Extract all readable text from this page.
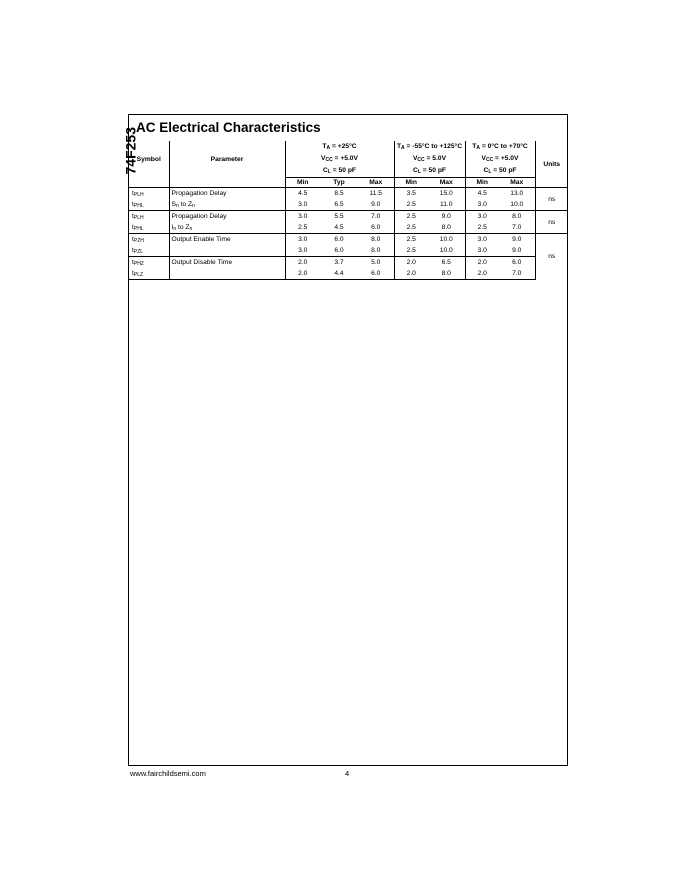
74F253
AC Electrical Characteristics
Symbol	Parameter	$T_A = +25^\circ C$			$T_A = -55^\circ C$ to +125°C		$T_A = 0^\circ C$ to +70°C		Units
		$V_{CC} = +5.0V$			$V_{CC} = 5.0V$		$V_{CC} = +5.0V$		
		$C_L = 50$ pF			$C_L = 50$ pF		$C_L = 50$ pF		
		Min	Typ	Max	Min	Max	Min	Max	
$t_{PLH}$	Propagation Delay	4.5	8.5	11.5	3.5	15.0	4.5	13.0	ns
$t_{PHL}$	$S_n$ to $Z_n$	3.0	6.5	9.0	2.5	11.0	3.0	10.0	
$t_{PLH}$	Propagation Delay	3.0	5.5	7.0	2.5	9.0	3.0	8.0	ns
$t_{PHL}$	$I_n$ to $Z_n$	2.5	4.5	6.0	2.5	8.0	2.5	7.0	
$t_{PZH}$	Output Enable Time	3.0	6.0	8.0	2.5	10.0	3.0	9.0	ns
$t_{PZL}$		3.0	6.0	8.0	2.5	10.0	3.0	9.0	
$t_{PHZ}$	Output Disable Time	2.0	3.7	5.0	2.0	6.5	2.0	6.0	
$t_{PLZ}$		2.0	4.4	6.0	2.0	8.0	2.0	7.0	
www.fairchildsemi.com	4
